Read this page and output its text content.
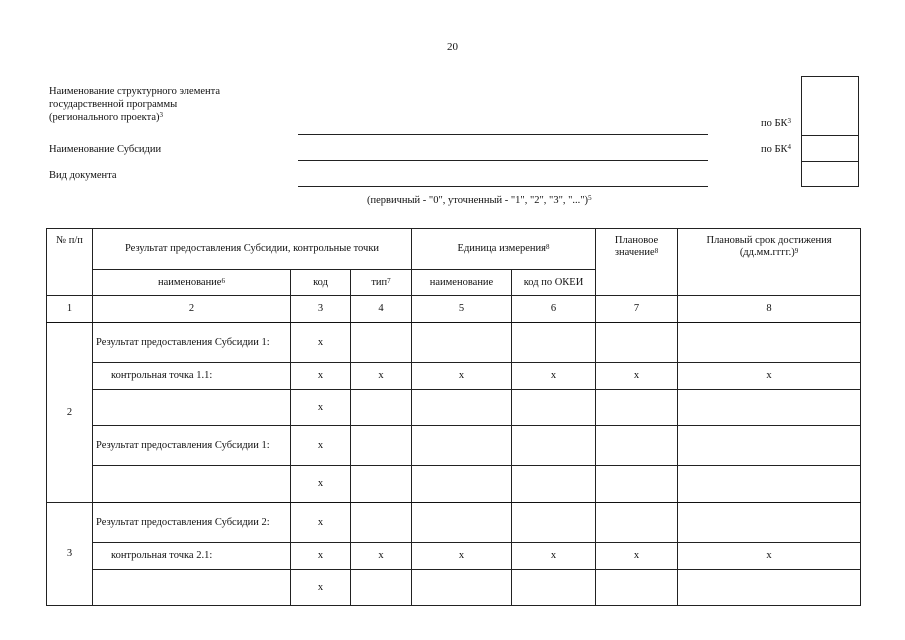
20
Наименование структурного элемента
государственной программы
(регионального проекта)$^3$
Наименование Субсидии
Вид документа
(первичный - "0", уточненный - "1", "2", "3", "...")$^5$
по $БК^3$
по $БК^4$
№ п/п	Результат предоставления Субсидии, контрольные точки			Единица измерения$^8$		Плановое значение$^8$	Плановый срок достижения (дд.мм.гггг.)$^9$
	наименование$^6$	код	тип$^7$	наименование	код по ОКЕИ		
1	2	3	4	5	6	7	8
2	Результат предоставления Субсидии 1:	x					
	контрольная точка 1.1:	x	x	x	x	x	x
		x					
	Результат предоставления Субсидии 1:	x					
		x					
3	Результат предоставления Субсидии 2:	x					
	контрольная точка 2.1:	x	x	x	x	x	x
		x					
